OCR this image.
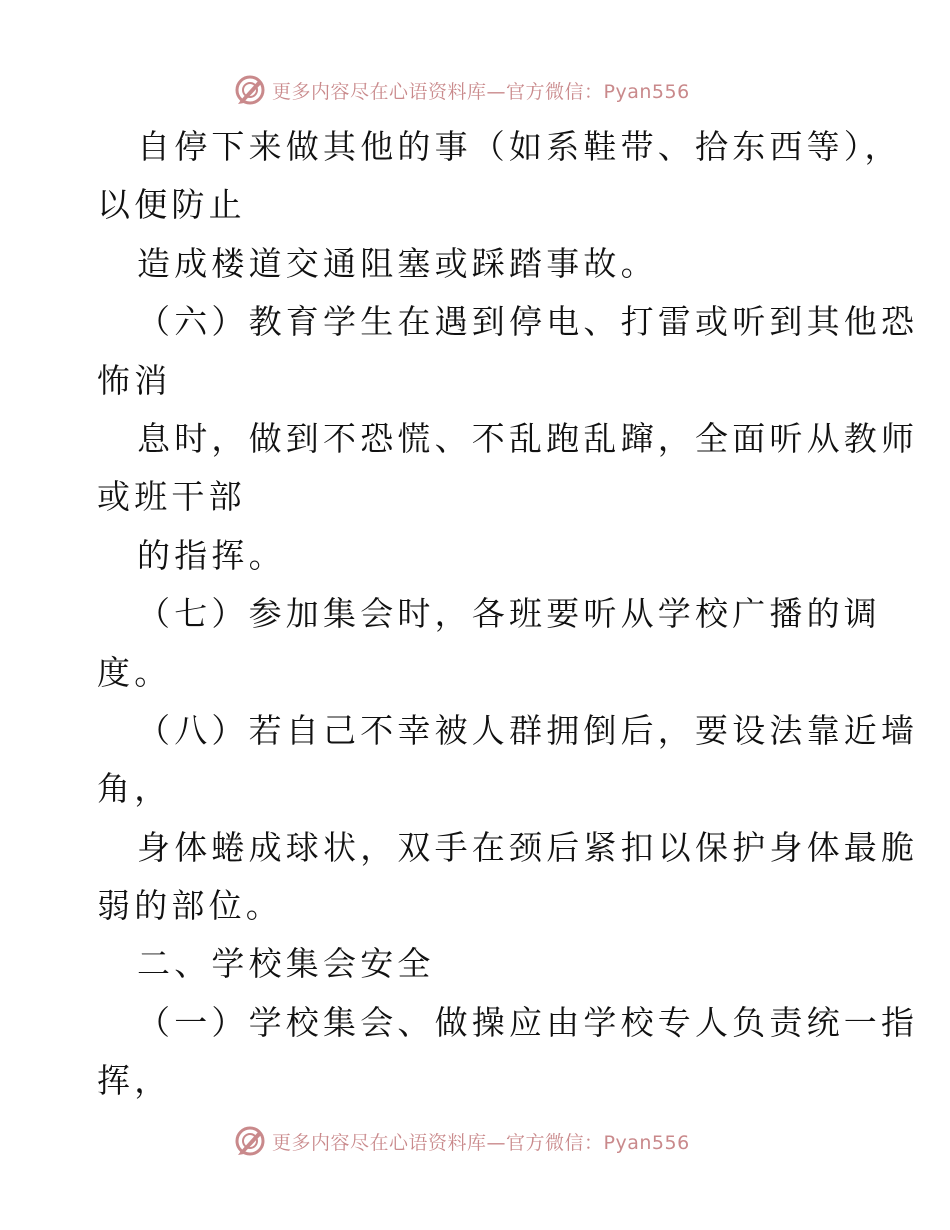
更多内容尽在心语资料库—官方微信：Pyan556
自停下来做其他的事（如系鞋带、拾东西等），
以便防止
造成楼道交通阻塞或踩踏事故。
（六）教育学生在遇到停电、打雷或听到其他恐
怖消
息时，做到不恐慌、不乱跑乱蹿，全面听从教师
或班干部
的指挥。
（七）参加集会时，各班要听从学校广播的调
度。
（八）若自己不幸被人群拥倒后，要设法靠近墙
角，
身体蜷成球状，双手在颈后紧扣以保护身体最脆
弱的部位。
二、学校集会安全
（一）学校集会、做操应由学校专人负责统一指
挥，
更多内容尽在心语资料库—官方微信：Pyan556
